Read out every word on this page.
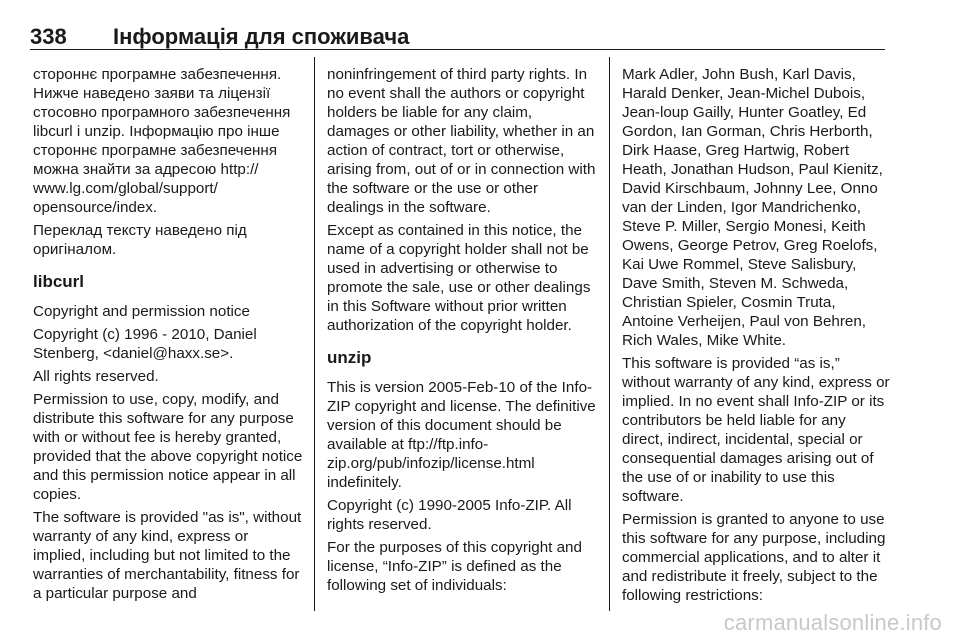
338 Інформація для споживача

стороннє програмне забезпечення. Нижче наведено заяви та ліцензії стосовно програмного забезпечення libcurl і unzip. Інформацію про інше стороннє програмне забезпечення можна знайти за адресою http:// www.lg.com/global/support/ opensource/index.

Переклад тексту наведено під оригіналом.

libcurl

Copyright and permission notice

Copyright (c) 1996 - 2010, Daniel Stenberg, <daniel@haxx.se>.

All rights reserved.

Permission to use, copy, modify, and distribute this software for any purpose with or without fee is hereby granted, provided that the above copyright notice and this permission notice appear in all copies.

The software is provided "as is", without warranty of any kind, express or implied, including but not limited to the warranties of merchantability, fitness for a particular purpose and

noninfringement of third party rights. In no event shall the authors or copyright holders be liable for any claim, damages or other liability, whether in an action of contract, tort or otherwise, arising from, out of or in connection with the software or the use or other dealings in the software.

Except as contained in this notice, the name of a copyright holder shall not be used in advertising or otherwise to promote the sale, use or other dealings in this Software without prior written authorization of the copyright holder.

unzip

This is version 2005-Feb-10 of the Info-ZIP copyright and license. The definitive version of this document should be available at ftp://ftp.info-zip.org/pub/infozip/license.html indefinitely.

Copyright (c) 1990-2005 Info-ZIP. All rights reserved.

For the purposes of this copyright and license, “Info-ZIP” is defined as the following set of individuals:

Mark Adler, John Bush, Karl Davis, Harald Denker, Jean-Michel Dubois, Jean-loup Gailly, Hunter Goatley, Ed Gordon, Ian Gorman, Chris Herborth, Dirk Haase, Greg Hartwig, Robert Heath, Jonathan Hudson, Paul Kienitz, David Kirschbaum, Johnny Lee, Onno van der Linden, Igor Mandrichenko, Steve P. Miller, Sergio Monesi, Keith Owens, George Petrov, Greg Roelofs, Kai Uwe Rommel, Steve Salisbury, Dave Smith, Steven M. Schweda, Christian Spieler, Cosmin Truta, Antoine Verheijen, Paul von Behren, Rich Wales, Mike White.

This software is provided “as is,” without warranty of any kind, express or implied. In no event shall Info-ZIP or its contributors be held liable for any direct, indirect, incidental, special or consequential damages arising out of the use of or inability to use this software.

Permission is granted to anyone to use this software for any purpose, including commercial applications, and to alter it and redistribute it freely, subject to the following restrictions:

carmanualsonline.info
